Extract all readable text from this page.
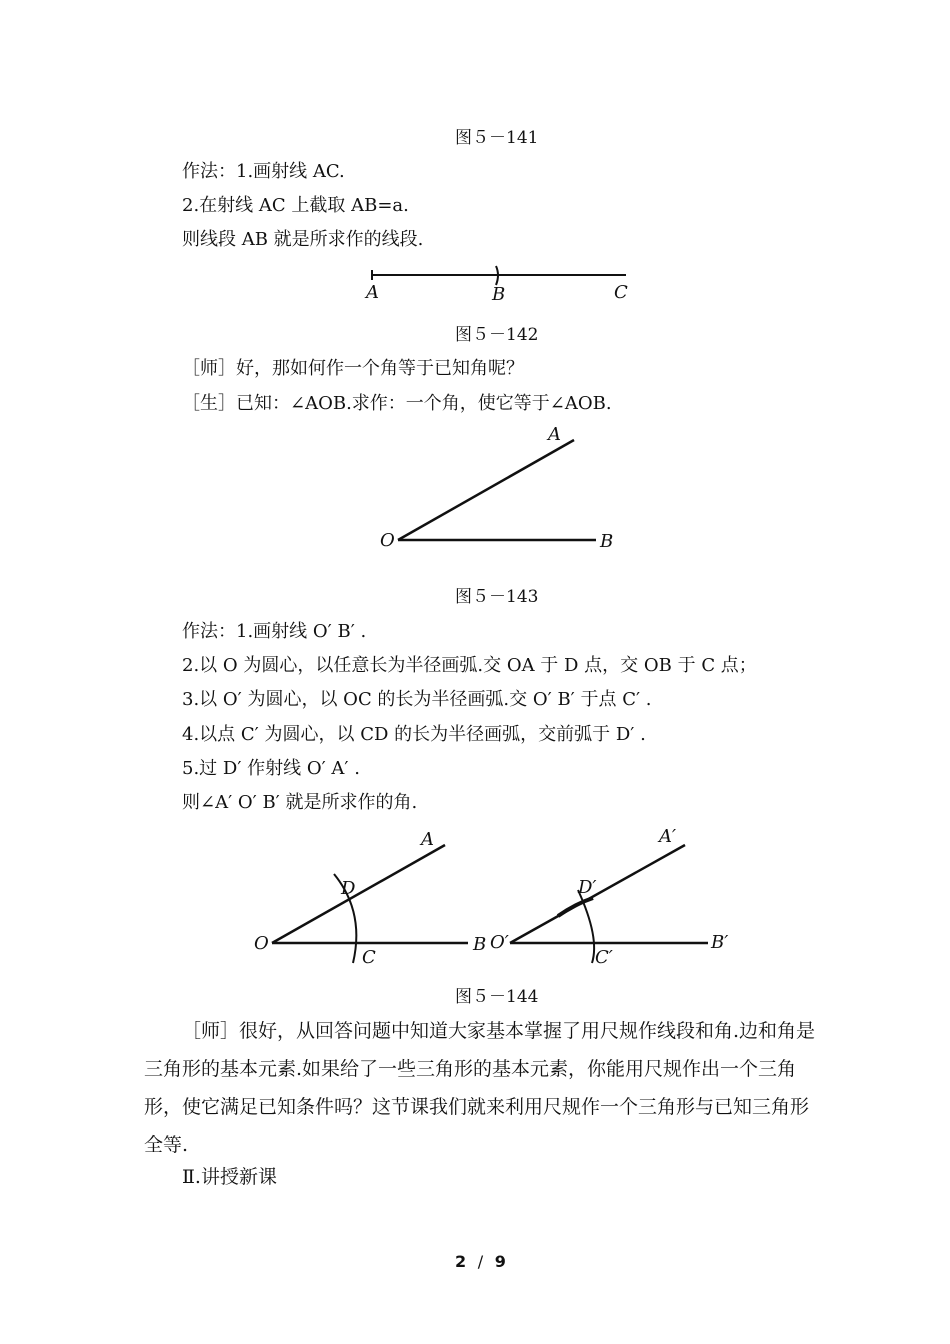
图５－141
作法：1.画射线 AC.
2.在射线 AC 上截取 AB=a.
则线段 AB 就是所求作的线段.
A	B	C
图５－142
［师］好，那如何作一个角等于已知角呢？
［生］已知：∠AOB.求作：一个角，使它等于∠AOB.
A
O	B
图５－143
作法：1.画射线 O′ B′ .
2.以 O 为圆心，以任意长为半径画弧.交 OA 于 D 点，交 OB 于 C 点；
3.以 O′ 为圆心，以 OC 的长为半径画弧.交 O′ B′ 于点 C′ .
4.以点 C′ 为圆心，以 CD 的长为半径画弧，交前弧于 D′ .
5.过 D′ 作射线 O′ A′ .
则∠A′ O′ B′ 就是所求作的角.
A
D
O
C
B
A′
D′
O′
C′
B′
图５－144
［师］很好，从回答问题中知道大家基本掌握了用尺规作线段和角.边和角是
三角形的基本元素.如果给了一些三角形的基本元素，你能用尺规作出一个三角
形，使它满足已知条件吗？这节课我们就来利用尺规作一个三角形与已知三角形
全等.
Ⅱ.讲授新课
2 / 9
